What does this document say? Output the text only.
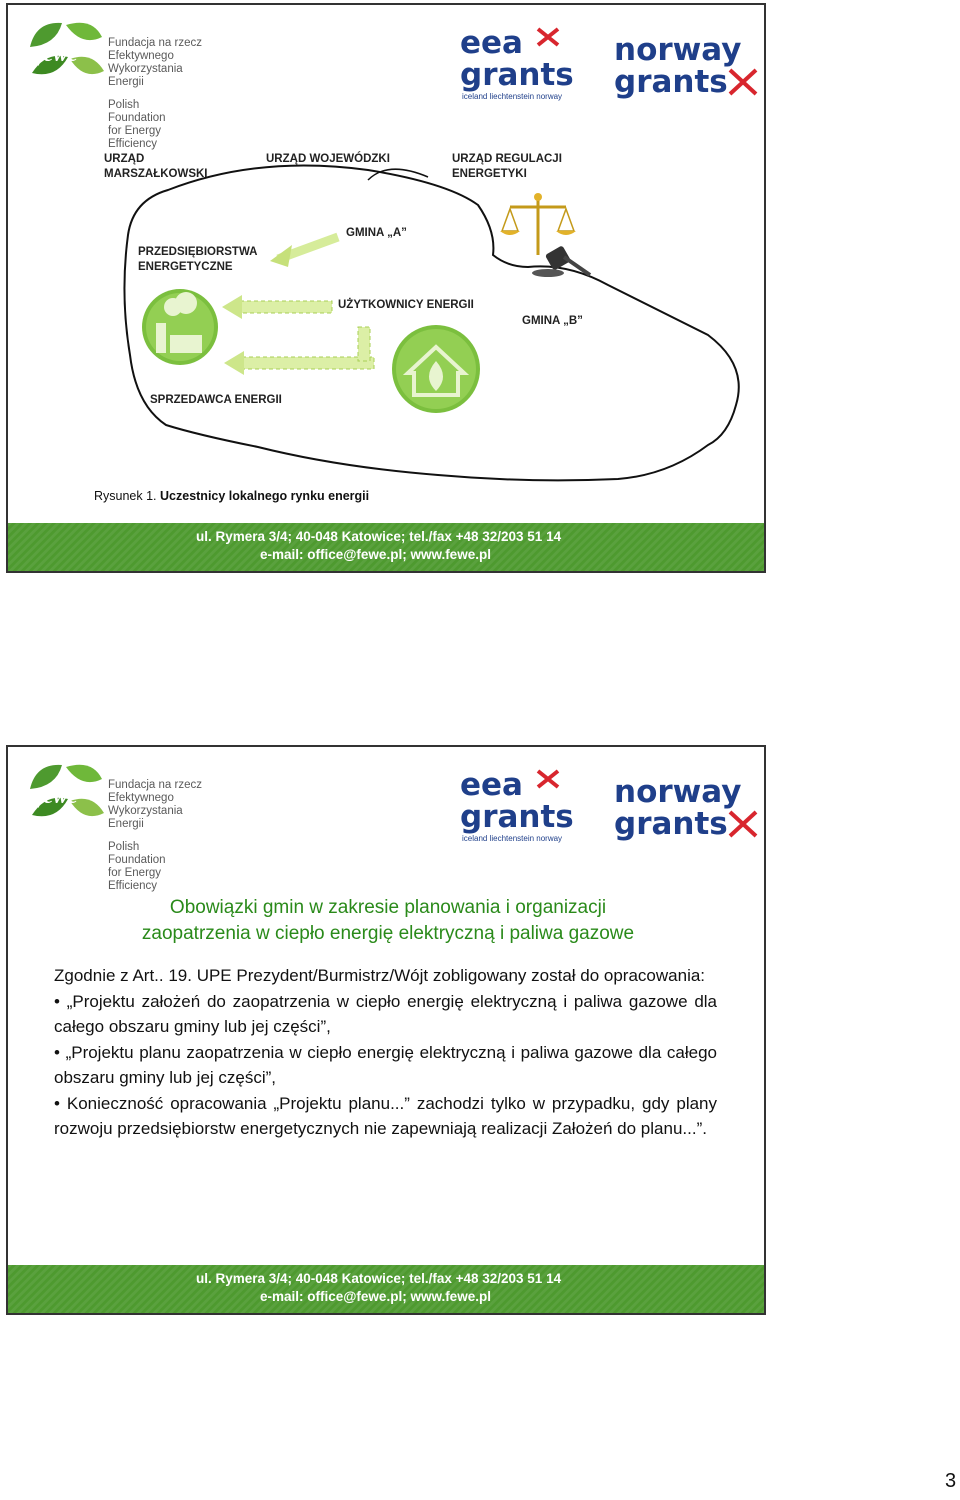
fewe	Fundacja na rzecz
Efektywnego
Wykorzystania
Energii
Polish
Foundation
for Energy
Efficiency
eea
grants
iceland liechtenstein norway
norway
grants
URZĄD
MARSZAŁKOWSKI
URZĄD WOJEWÓDZKI	URZĄD REGULACJI
ENERGETYKI
GMINA „A”
PRZEDSIĘBIORSTWA
ENERGETYCZNE
UŻYTKOWNICY ENERGII
GMINA „B”
SPRZEDAWCA ENERGII
Rysunek 1. Uczestnicy lokalnego rynku energii
ul. Rymera 3/4; 40-048 Katowice; tel./fax +48 32/203 51 14
e-mail: office@fewe.pl; www.fewe.pl
fewe	Fundacja na rzecz
Efektywnego
Wykorzystania
Energii
Polish
Foundation
for Energy
Efficiency
eea
grants
iceland liechtenstein norway
norway
grants
Obowiązki gmin w zakresie planowania i organizacji
zaopatrzenia w ciepło energię elektryczną i paliwa gazowe

Zgodnie z Art.. 19. UPE Prezydent/Burmistrz/Wójt zobligowany został do opracowania:

• „Projektu założeń do zaopatrzenia w ciepło energię elektryczną i paliwa gazowe dla całego obszaru gminy lub jej części”,

• „Projektu planu zaopatrzenia w ciepło energię elektryczną i paliwa gazowe dla całego obszaru gminy lub jej części”,

• Konieczność opracowania „Projektu planu...” zachodzi tylko w przypadku, gdy plany rozwoju przedsiębiorstw energetycznych nie zapewniają realizacji Założeń do planu...”.

ul. Rymera 3/4; 40-048 Katowice; tel./fax +48 32/203 51 14
e-mail: office@fewe.pl; www.fewe.pl
3
